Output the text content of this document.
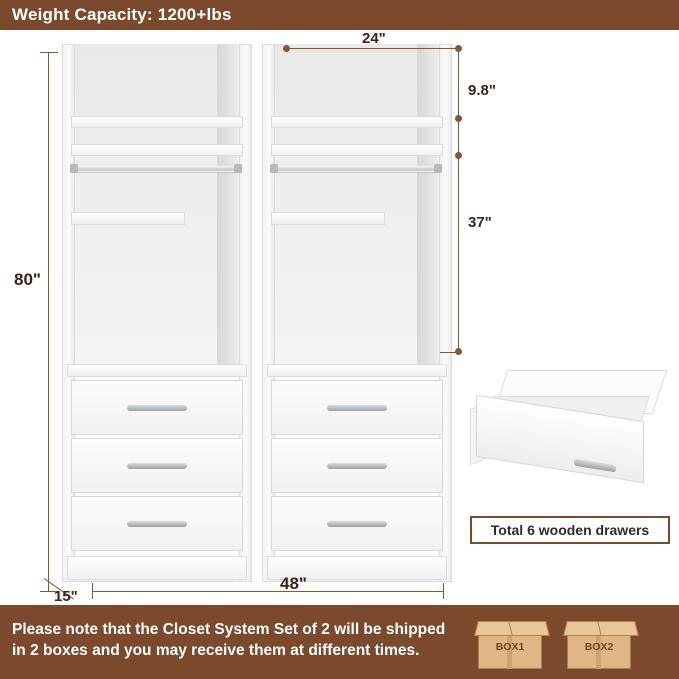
Weight Capacity: 1200+lbs
24"
9.8"
37"
80"
15"
48"
Total 6 wooden drawers
Please note that the Closet System Set of 2 will be shipped in 2 boxes and you may receive them at different times.	BOX1	BOX2
